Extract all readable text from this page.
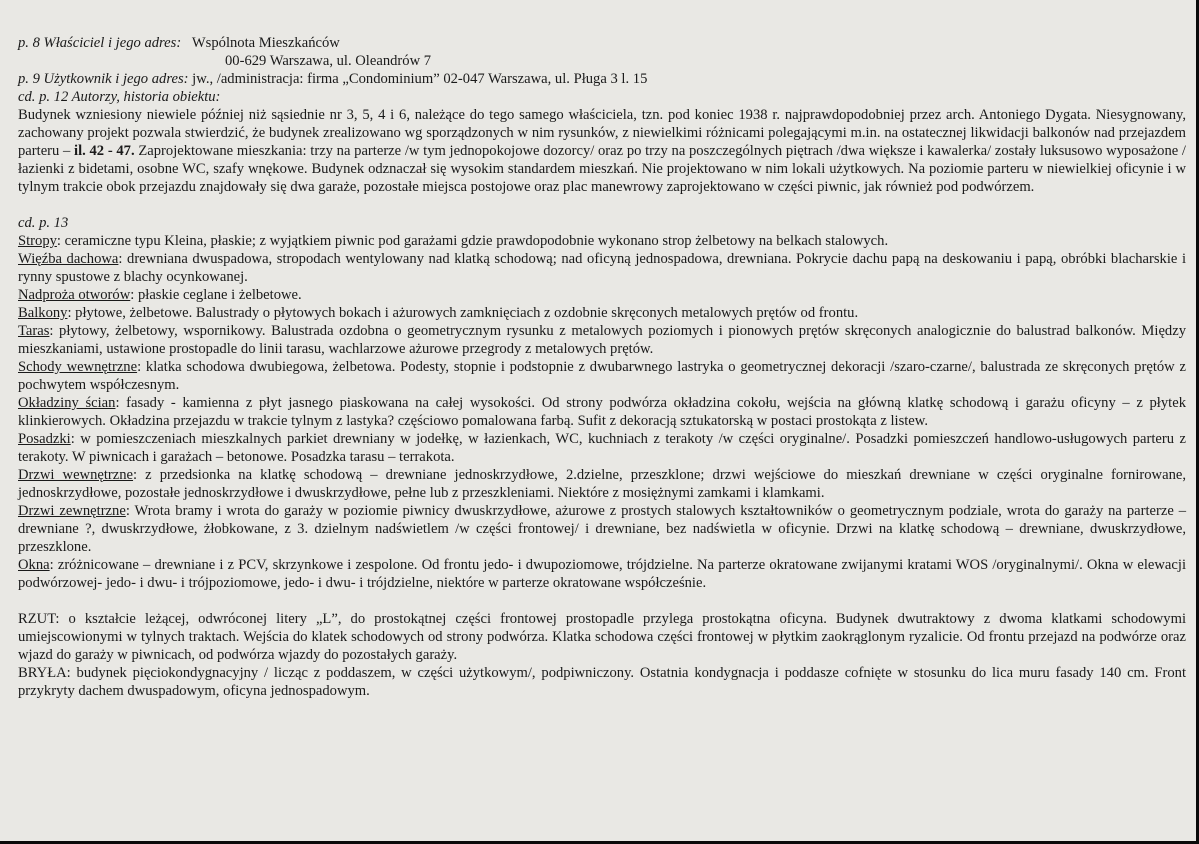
p. 8 Właściciel i jego adres: Wspólnota Mieszkańców
00-629 Warszawa, ul. Oleandrów 7
p. 9 Użytkownik i jego adres: jw., /administracja: firma „Condominium” 02-047 Warszawa, ul. Pługa 3 l. 15
cd. p. 12 Autorzy, historia obiektu:

Budynek wzniesiony niewiele później niż sąsiednie nr 3, 5, 4 i 6, należące do tego samego właściciela, tzn. pod koniec 1938 r. najprawdopodobniej przez arch. Antoniego Dygata. Niesygnowany, zachowany projekt pozwala stwierdzić, że budynek zrealizowano wg sporządzonych w nim rysunków, z niewielkimi różnicami polegającymi m.in. na ostatecznej likwidacji balkonów nad przejazdem parteru – il. 42 - 47. Zaprojektowane mieszkania: trzy na parterze /w tym jednopokojowe dozorcy/ oraz po trzy na poszczególnych piętrach /dwa większe i kawalerka/ zostały luksusowo wyposażone /łazienki z bidetami, osobne WC, szafy wnękowe. Budynek odznaczał się wysokim standardem mieszkań. Nie projektowano w nim lokali użytkowych. Na poziomie parteru w niewielkiej oficynie i w tylnym trakcie obok przejazdu znajdowały się dwa garaże, pozostałe miejsca postojowe oraz plac manewrowy zaprojektowano w części piwnic, jak również pod podwórzem.

cd. p. 13

Stropy: ceramiczne typu Kleina, płaskie; z wyjątkiem piwnic pod garażami gdzie prawdopodobnie wykonano strop żelbetowy na belkach stalowych.

Więźba dachowa: drewniana dwuspadowa, stropodach wentylowany nad klatką schodową; nad oficyną jednospadowa, drewniana. Pokrycie dachu papą na deskowaniu i papą, obróbki blacharskie i rynny spustowe z blachy ocynkowanej.

Nadproża otworów: płaskie ceglane i żelbetowe.

Balkony: płytowe, żelbetowe. Balustrady o płytowych bokach i ażurowych zamknięciach z ozdobnie skręconych metalowych prętów od frontu.

Taras: płytowy, żelbetowy, wspornikowy. Balustrada ozdobna o geometrycznym rysunku z metalowych poziomych i pionowych prętów skręconych analogicznie do balustrad balkonów. Między mieszkaniami, ustawione prostopadle do linii tarasu, wachlarzowe ażurowe przegrody z metalowych prętów.

Schody wewnętrzne: klatka schodowa dwubiegowa, żelbetowa. Podesty, stopnie i podstopnie z dwubarwnego lastryka o geometrycznej dekoracji /szaro-czarne/, balustrada ze skręconych prętów z pochwytem współczesnym.

Okładziny ścian: fasady - kamienna z płyt jasnego piaskowana na całej wysokości. Od strony podwórza okładzina cokołu, wejścia na główną klatkę schodową i garażu oficyny – z płytek klinkierowych. Okładzina przejazdu w trakcie tylnym z lastyka? częściowo pomalowana farbą. Sufit z dekoracją sztukatorską w postaci prostokąta z listew.

Posadzki: w pomieszczeniach mieszkalnych parkiet drewniany w jodełkę, w łazienkach, WC, kuchniach z terakoty /w części oryginalne/. Posadzki pomieszczeń handlowo-usługowych parteru z terakoty. W piwnicach i garażach – betonowe. Posadzka tarasu – terrakota.

Drzwi wewnętrzne: z przedsionka na klatkę schodową – drewniane jednoskrzydłowe, 2.dzielne, przeszklone; drzwi wejściowe do mieszkań drewniane w części oryginalne fornirowane, jednoskrzydłowe, pozostałe jednoskrzydłowe i dwuskrzydłowe, pełne lub z przeszkleniami. Niektóre z mosiężnymi zamkami i klamkami.

Drzwi zewnętrzne: Wrota bramy i wrota do garaży w poziomie piwnicy dwuskrzydłowe, ażurowe z prostych stalowych kształtowników o geometrycznym podziale, wrota do garaży na parterze – drewniane ?, dwuskrzydłowe, żłobkowane, z 3. dzielnym nadświetlem /w części frontowej/ i drewniane, bez nadświetla w oficynie. Drzwi na klatkę schodową – drewniane, dwuskrzydłowe, przeszklone.

Okna: zróżnicowane – drewniane i z PCV, skrzynkowe i zespolone. Od frontu jedo- i dwupoziomowe, trójdzielne. Na parterze okratowane zwijanymi kratami WOS /oryginalnymi/. Okna w elewacji podwórzowej- jedo- i dwu- i trójpoziomowe, jedo- i dwu- i trójdzielne, niektóre w parterze okratowane współcześnie.

RZUT: o kształcie leżącej, odwróconej litery „L”, do prostokątnej części frontowej prostopadle przylega prostokątna oficyna. Budynek dwutraktowy z dwoma klatkami schodowymi umiejscowionymi w tylnych traktach. Wejścia do klatek schodowych od strony podwórza. Klatka schodowa części frontowej w płytkim zaokrąglonym ryzalicie. Od frontu przejazd na podwórze oraz wjazd do garaży w piwnicach, od podwórza wjazdy do pozostałych garaży.

BRYŁA: budynek pięciokondygnacyjny / licząc z poddaszem, w części użytkowym/, podpiwniczony. Ostatnia kondygnacja i poddasze cofnięte w stosunku do lica muru fasady 140 cm. Front przykryty dachem dwuspadowym, oficyna jednospadowym.
